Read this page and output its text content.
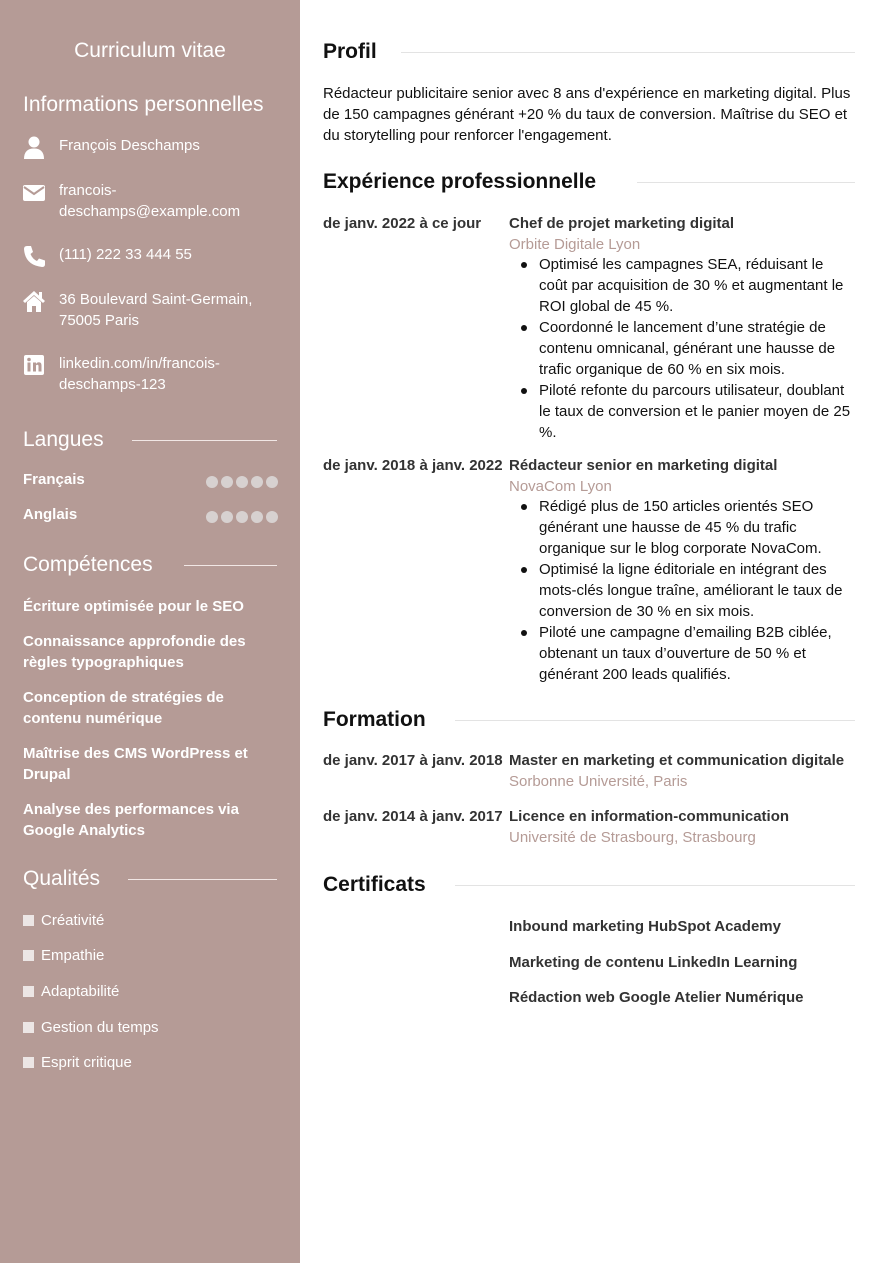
Curriculum vitae
Informations personnelles
François Deschamps
francois-deschamps@example.com
(111) 222 33 444 55
36 Boulevard Saint-Germain, 75005 Paris
linkedin.com/in/francois-deschamps-123
Langues
Français
Anglais
Compétences
Écriture optimisée pour le SEO
Connaissance approfondie des règles typographiques
Conception de stratégies de contenu numérique
Maîtrise des CMS WordPress et Drupal
Analyse des performances via Google Analytics
Qualités
Créativité
Empathie
Adaptabilité
Gestion du temps
Esprit critique
Profil
Rédacteur publicitaire senior avec 8 ans d'expérience en marketing digital. Plus de 150 campagnes générant +20 % du taux de conversion. Maîtrise du SEO et du storytelling pour renforcer l'engagement.
Expérience professionnelle
de janv. 2022 à ce jour Chef de projet marketing digital
Orbite Digitale Lyon
Optimisé les campagnes SEA, réduisant le coût par acquisition de 30 % et augmentant le ROI global de 45 %.
Coordonné le lancement d’une stratégie de contenu omnicanal, générant une hausse de trafic organique de 60 % en six mois.
Piloté refonte du parcours utilisateur, doublant le taux de conversion et le panier moyen de 25 %.
de janv. 2018 à janv. 2022 Rédacteur senior en marketing digital
NovaCom Lyon
Rédigé plus de 150 articles orientés SEO générant une hausse de 45 % du trafic organique sur le blog corporate NovaCom.
Optimisé la ligne éditoriale en intégrant des mots-clés longue traîne, améliorant le taux de conversion de 30 % en six mois.
Piloté une campagne d’emailing B2B ciblée, obtenant un taux d’ouverture de 50 % et générant 200 leads qualifiés.
Formation
de janv. 2017 à janv. 2018 Master en marketing et communication digitale
Sorbonne Université, Paris
de janv. 2014 à janv. 2017 Licence en information-communication
Université de Strasbourg, Strasbourg
Certificats
Inbound marketing HubSpot Academy
Marketing de contenu LinkedIn Learning
Rédaction web Google Atelier Numérique
